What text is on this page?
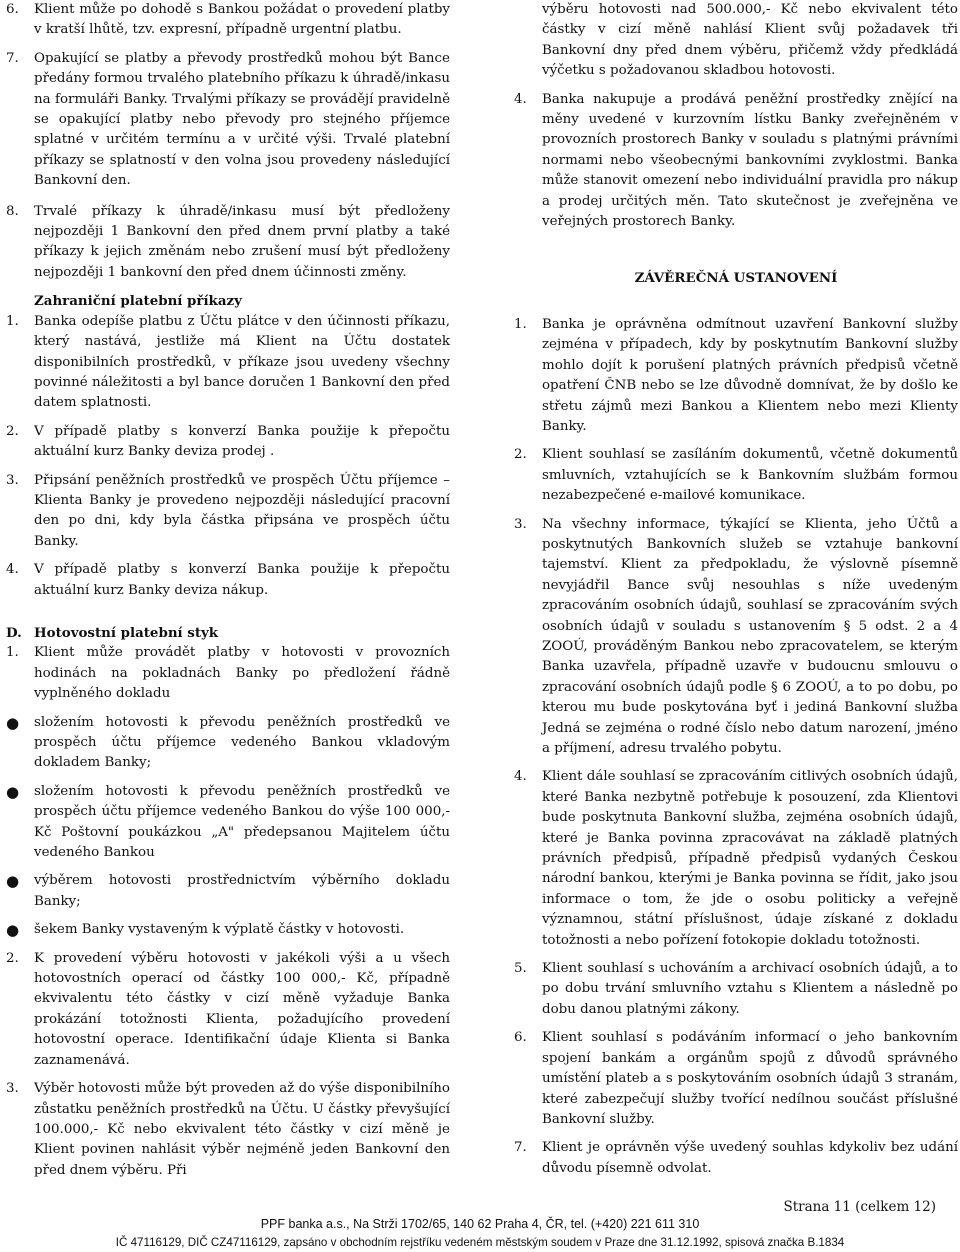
6.	Klient může po dohodě s Bankou požádat o provedení platby v kratší lhůtě, tzv. expresní, případně urgentní platbu.
7.	Opakující se platby a převody prostředků mohou být Bance předány formou trvalého platebního příkazu k úhradě/inkasu na formuláři Banky. Trvalými příkazy se provádějí pravidelně se opakující platby nebo převody pro stejného příjemce splatné v určitém termínu a v určité výši. Trvalé platební příkazy se splatností v den volna jsou provedeny následující Bankovní den.
8.	Trvalé příkazy k úhradě/inkasu musí být předloženy nejpozději 1 Bankovní den před dnem první platby a také příkazy k jejich změnám nebo zrušení musí být předloženy nejpozději 1 bankovní den před dnem účinnosti změny.
Zahraniční platební příkazy
1.	Banka odepíše platbu z Účtu plátce v den účinnosti příkazu, který nastává, jestliže má Klient na Účtu dostatek disponibilních prostředků, v příkaze jsou uvedeny všechny povinné náležitosti a byl bance doručen 1 Bankovní den před datem splatnosti.
2.	V případě platby s konverzí Banka použije k přepočtu aktuální kurz Banky deviza prodej .
3.	Připsání peněžních prostředků ve prospěch Účtu příjemce – Klienta Banky je provedeno nejpozději následující pracovní den po dni, kdy byla částka připsána ve prospěch účtu Banky.
4.	V případě platby s konverzí Banka použije k přepočtu aktuální kurz Banky deviza nákup.
D. Hotovostní platební styk
1.	Klient může provádět platby v hotovosti v provozních hodinách na pokladnách Banky po předložení řádně vyplněného dokladu
●	složením hotovosti k převodu peněžních prostředků ve prospěch účtu příjemce vedeného Bankou vkladovým dokladem Banky;
●	složením hotovosti k převodu peněžních prostředků ve prospěch účtu příjemce vedeného Bankou do výše 100 000,- Kč Poštovní poukázkou „A" předepsanou Majitelem účtu vedeného Bankou
●	výběrem hotovosti prostřednictvím výběrního dokladu Banky;
●	šekem Banky vystaveným k výplatě částky v hotovosti.
2.	K provedení výběru hotovosti v jakékoli výši a u všech hotovostních operací od částky 100 000,- Kč, případně ekvivalentu této částky v cizí měně vyžaduje Banka prokázání totožnosti Klienta, požadujícího provedení hotovostní operace. Identifikační údaje Klienta si Banka zaznamenává.
3.	Výběr hotovosti může být proveden až do výše disponibilního zůstatku peněžních prostředků na Účtu. U částky převyšující 100.000,- Kč nebo ekvivalent této částky v cizí měně je Klient povinen nahlásit výběr nejméně jeden Bankovní den před dnem výběru. Při
výběru hotovosti nad 500.000,- Kč nebo ekvivalent této částky v cizí měně nahlásí Klient svůj požadavek tři Bankovní dny před dnem výběru, přičemž vždy předkládá výčetku s požadovanou skladbou hotovosti.
4.	Banka nakupuje a prodává peněžní prostředky znějící na měny uvedené v kurzovním lístku Banky zveřejněném v provozních prostorech Banky v souladu s platnými právními normami nebo všeobecnými bankovními zvyklostmi. Banka může stanovit omezení nebo individuální pravidla pro nákup a prodej určitých měn. Tato skutečnost je zveřejněna ve veřejných prostorech Banky.
ZÁVĚREČNÁ USTANOVENÍ
1.	Banka je oprávněna odmítnout uzavření Bankovní služby zejména v případech, kdy by poskytnutím Bankovní služby mohlo dojít k porušení platných právních předpisů včetně opatření ČNB nebo se lze důvodně domnívat, že by došlo ke střetu zájmů mezi Bankou a Klientem nebo mezi Klienty Banky.
2.	Klient souhlasí se zasíláním dokumentů, včetně dokumentů smluvních, vztahujících se k Bankovním službám formou nezabezpečené e-mailové komunikace.
3.	Na všechny informace, týkající se Klienta, jeho Účtů a poskytnutých Bankovních služeb se vztahuje bankovní tajemství. Klient za předpokladu, že výslovně písemně nevyjádřil Bance svůj nesouhlas s níže uvedeným zpracováním osobních údajů, souhlasí se zpracováním svých osobních údajů v souladu s ustanovením § 5 odst. 2 a 4 ZOOÚ, prováděným Bankou nebo zpracovatelem, se kterým Banka uzavřela, případně uzavře v budoucnu smlouvu o zpracování osobních údajů podle § 6 ZOOÚ, a to po dobu, po kterou mu bude poskytována byť i jediná Bankovní služba Jedná se zejména o rodné číslo nebo datum narození, jméno a příjmení, adresu trvalého pobytu.
4.	Klient dále souhlasí se zpracováním citlivých osobních údajů, které Banka nezbytně potřebuje k posouzení, zda Klientovi bude poskytnuta Bankovní služba, zejména osobních údajů, které je Banka povinna zpracovávat na základě platných právních předpisů, případně předpisů vydaných Českou národní bankou, kterými je Banka povinna se řídit, jako jsou informace o tom, že jde o osobu politicky a veřejně významnou, státní příslušnost, údaje získané z dokladu totožnosti a nebo pořízení fotokopie dokladu totožnosti.
5.	Klient souhlasí s uchováním a archivací osobních údajů, a to po dobu trvání smluvního vztahu s Klientem a následně po dobu danou platnými zákony.
6.	Klient souhlasí s podáváním informací o jeho bankovním spojení bankám a orgánům spojů z důvodů správného umístění plateb a s poskytováním osobních údajů 3 stranám, které zabezpečují služby tvořící nedílnou součást příslušné Bankovní služby.
7.	Klient je oprávněn výše uvedený souhlas kdykoliv bez udání důvodu písemně odvolat.
Strana 11 (celkem 12)
PPF banka a.s., Na Strži 1702/65, 140 62 Praha 4, ČR, tel. (+420) 221 611 310
IČ 47116129, DIČ CZ47116129, zapsáno v obchodním rejstříku vedeném městským soudem v Praze dne 31.12.1992, spisová značka B.1834
